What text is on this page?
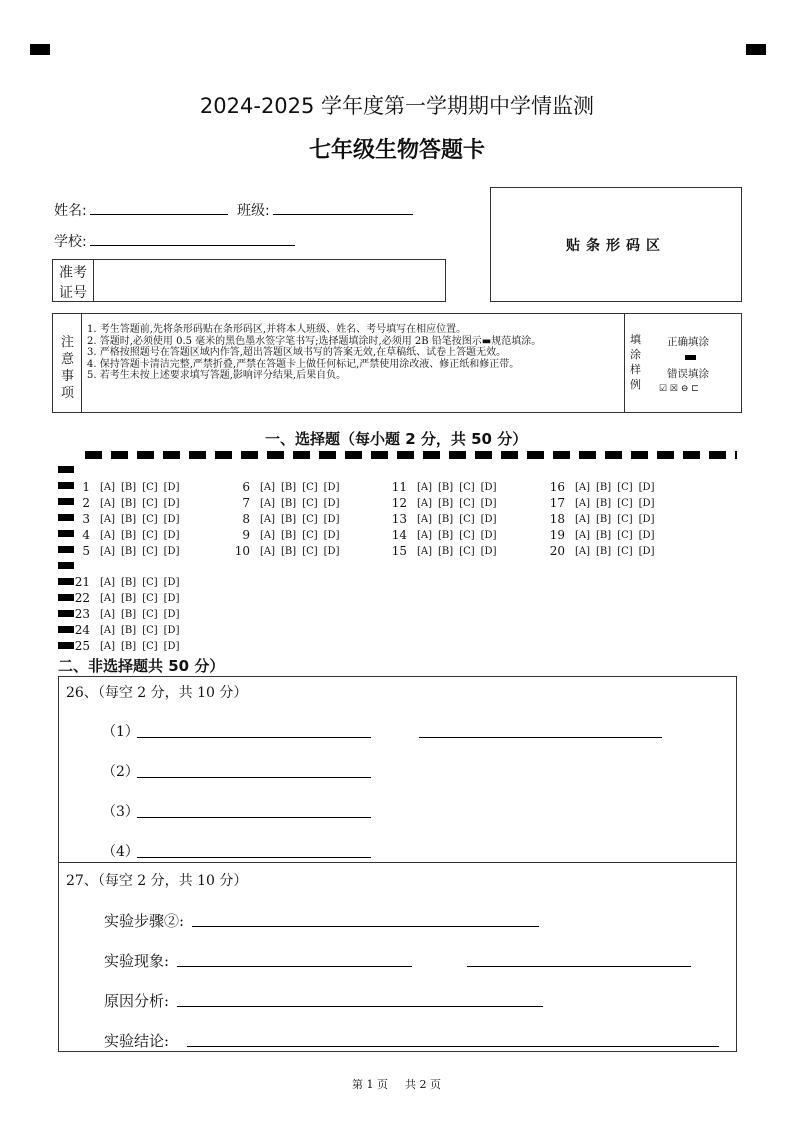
2024-2025 学年度第一学期期中学情监测
七年级生物答题卡
姓名:	班级:
学校:
准考
证号
贴条形码区
注
意
事
项
1. 考生答题前,先将条形码贴在条形码区,并将本人班级、姓名、考号填写在相应位置。
2. 答题时,必须使用 0.5 毫米的黑色墨水签字笔书写;选择题填涂时,必须用 2B 铅笔按图示▬规范填涂。
3. 严格按照题号在答题区域内作答,超出答题区域书写的答案无效,在草稿纸、试卷上答题无效。
4. 保持答题卡清洁完整,严禁折叠,严禁在答题卡上做任何标记,严禁使用涂改液、修正纸和修正带。
5. 若考生未按上述要求填写答题,影响评分结果,后果自负。
填
涂
样
例
正确填涂
错误填涂
☑ ☒ ⊖ ⊏
一、选择题（每小题 2 分，共 50 分）
1 [A] [B] [C] [D]
2 [A] [B] [C] [D]
3 [A] [B] [C] [D]
4 [A] [B] [C] [D]
5 [A] [B] [C] [D]
6 [A] [B] [C] [D]
7 [A] [B] [C] [D]
8 [A] [B] [C] [D]
9 [A] [B] [C] [D]
10 [A] [B] [C] [D]
11 [A] [B] [C] [D]
12 [A] [B] [C] [D]
13 [A] [B] [C] [D]
14 [A] [B] [C] [D]
15 [A] [B] [C] [D]
16 [A] [B] [C] [D]
17 [A] [B] [C] [D]
18 [A] [B] [C] [D]
19 [A] [B] [C] [D]
20 [A] [B] [C] [D]
21 [A] [B] [C] [D]
22 [A] [B] [C] [D]
23 [A] [B] [C] [D]
24 [A] [B] [C] [D]
25 [A] [B] [C] [D]
二、非选择题共 50 分）
26、（每空 2 分，共 10 分）
（1）
（2）
（3）
（4）
27、（每空 2 分，共 10 分）
实验步骤②:
实验现象:
原因分析:
实验结论:
第 1 页 共 2 页
